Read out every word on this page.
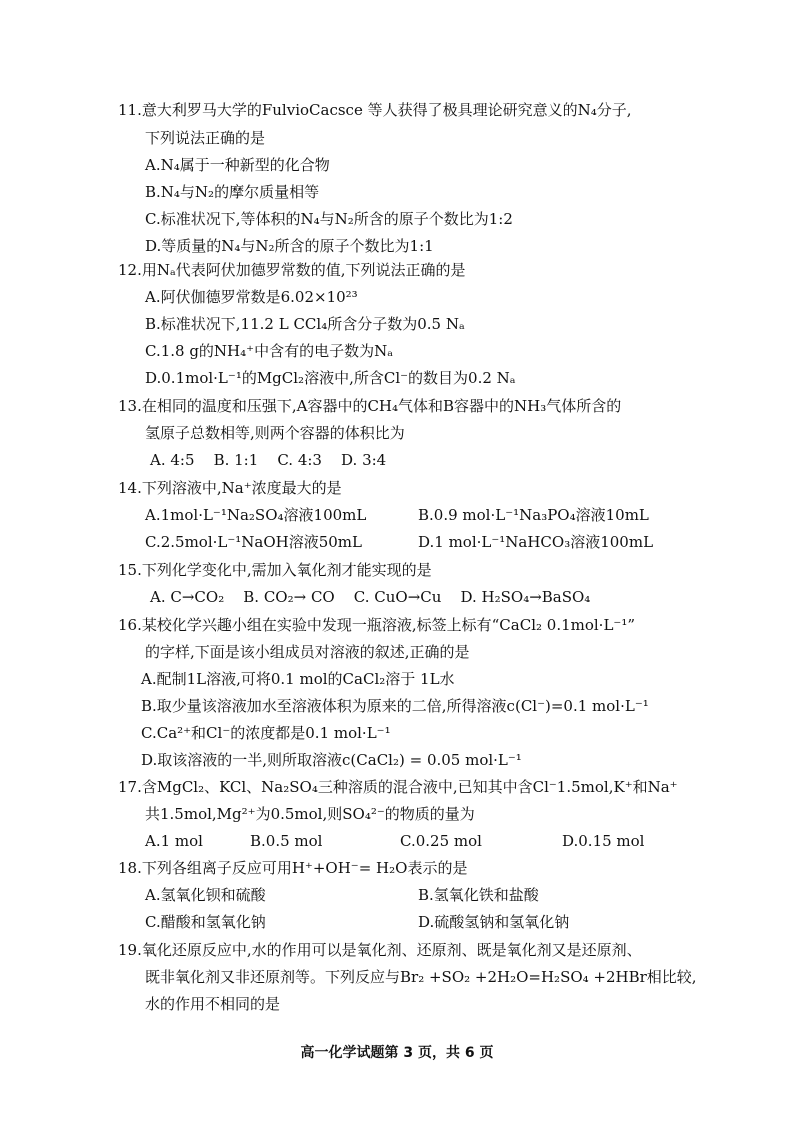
11.意大利罗马大学的FulvioCacsce 等人获得了极具理论研究意义的N₄分子,
下列说法正确的是
A.N₄属于一种新型的化合物
B.N₄与N₂的摩尔质量相等
C.标准状况下,等体积的N₄与N₂所含的原子个数比为1:2
D.等质量的N₄与N₂所含的原子个数比为1:1
12.用Nₐ代表阿伏加德罗常数的值,下列说法正确的是
A.阿伏伽德罗常数是6.02×10²³
B.标准状况下,11.2 L CCl₄所含分子数为0.5 Nₐ
C.1.8 g的NH₄⁺中含有的电子数为Nₐ
D.0.1mol·L⁻¹的MgCl₂溶液中,所含Cl⁻的数目为0.2 Nₐ
13.在相同的温度和压强下,A容器中的CH₄气体和B容器中的NH₃气体所含的
氢原子总数相等,则两个容器的体积比为
A. 4:5    B. 1:1    C. 4:3    D. 3:4
14.下列溶液中,Na⁺浓度最大的是
A.1mol·L⁻¹Na₂SO₄溶液100mL	B.0.9 mol·L⁻¹Na₃PO₄溶液10mL
C.2.5mol·L⁻¹NaOH溶液50mL	D.1 mol·L⁻¹NaHCO₃溶液100mL
15.下列化学变化中,需加入氧化剂才能实现的是
A. C→CO₂    B. CO₂→ CO    C. CuO→Cu    D. H₂SO₄→BaSO₄
16.某校化学兴趣小组在实验中发现一瓶溶液,标签上标有“CaCl₂ 0.1mol·L⁻¹”
的字样,下面是该小组成员对溶液的叙述,正确的是
A.配制1L溶液,可将0.1 mol的CaCl₂溶于 1L水
B.取少量该溶液加水至溶液体积为原来的二倍,所得溶液c(Cl⁻)=0.1 mol·L⁻¹
C.Ca²⁺和Cl⁻的浓度都是0.1 mol·L⁻¹
D.取该溶液的一半,则所取溶液c(CaCl₂) = 0.05 mol·L⁻¹
17.含MgCl₂、KCl、Na₂SO₄三种溶质的混合液中,已知其中含Cl⁻1.5mol,K⁺和Na⁺
共1.5mol,Mg²⁺为0.5mol,则SO₄²⁻的物质的量为
A.1 mol	B.0.5 mol	C.0.25 mol	D.0.15 mol
18.下列各组离子反应可用H⁺+OH⁻= H₂O表示的是
A.氢氧化钡和硫酸	B.氢氧化铁和盐酸
C.醋酸和氢氧化钠	D.硫酸氢钠和氢氧化钠
19.氧化还原反应中,水的作用可以是氧化剂、还原剂、既是氧化剂又是还原剂、
既非氧化剂又非还原剂等。下列反应与Br₂ +SO₂ +2H₂O=H₂SO₄ +2HBr相比较,
水的作用不相同的是
高一化学试题第 3 页，共 6 页
